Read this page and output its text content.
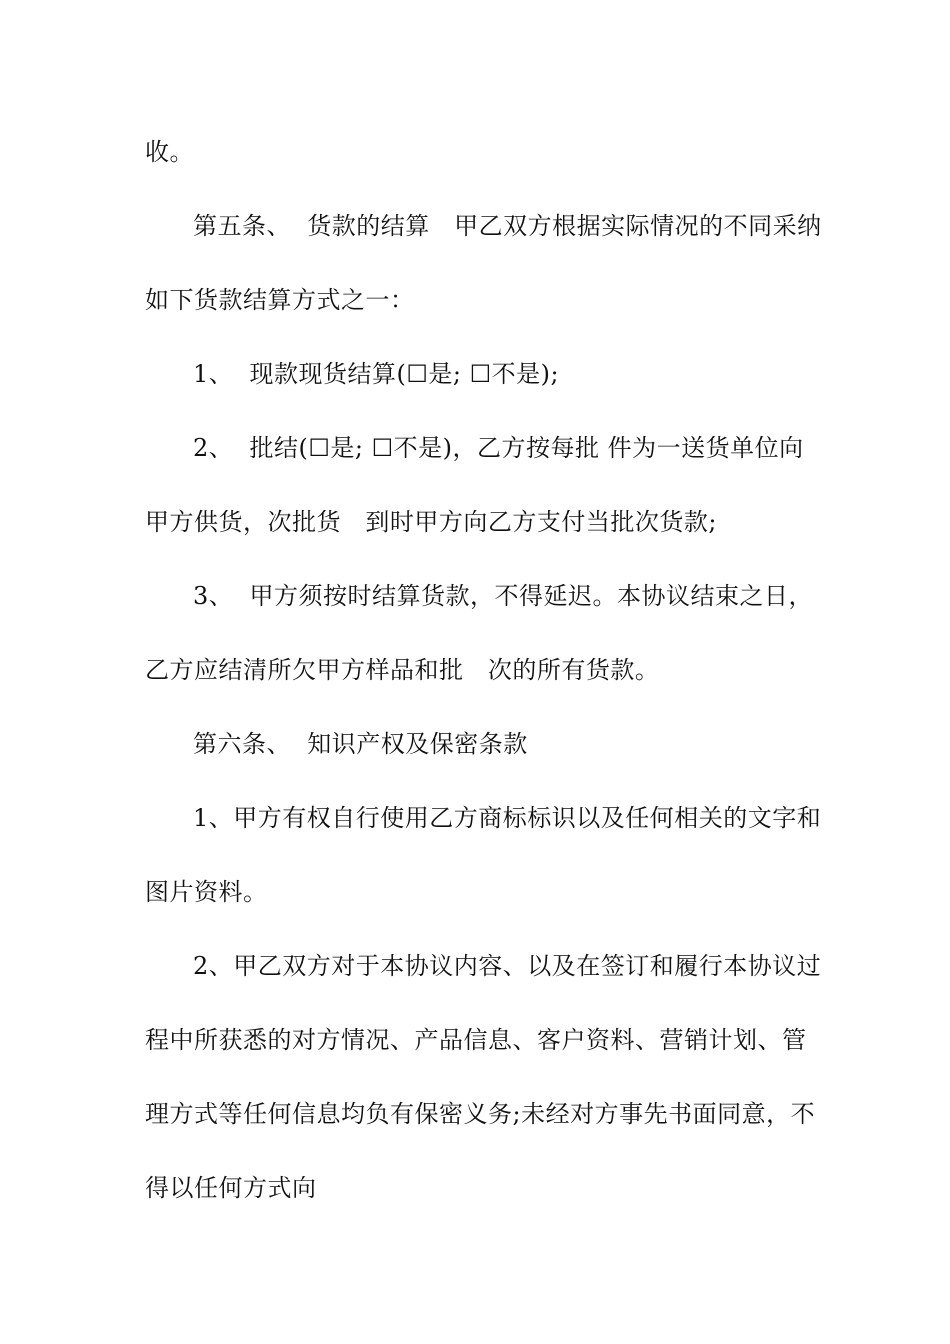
收。
第五条、  货款的结算   甲乙双方根据实际情况的不同采纳
如下货款结算方式之一：
1、  现款现货结算(☐是; ☐不是);
2、  批结(☐是; ☐不是)，乙方按每批 件为一送货单位向
甲方供货，次批货   到时甲方向乙方支付当批次货款;
3、  甲方须按时结算货款，不得延迟。本协议结束之日，
乙方应结清所欠甲方样品和批   次的所有货款。
第六条、  知识产权及保密条款
1、甲方有权自行使用乙方商标标识以及任何相关的文字和
图片资料。
2、甲乙双方对于本协议内容、以及在签订和履行本协议过
程中所获悉的对方情况、产品信息、客户资料、营销计划、管
理方式等任何信息均负有保密义务;未经对方事先书面同意，不
得以任何方式向
